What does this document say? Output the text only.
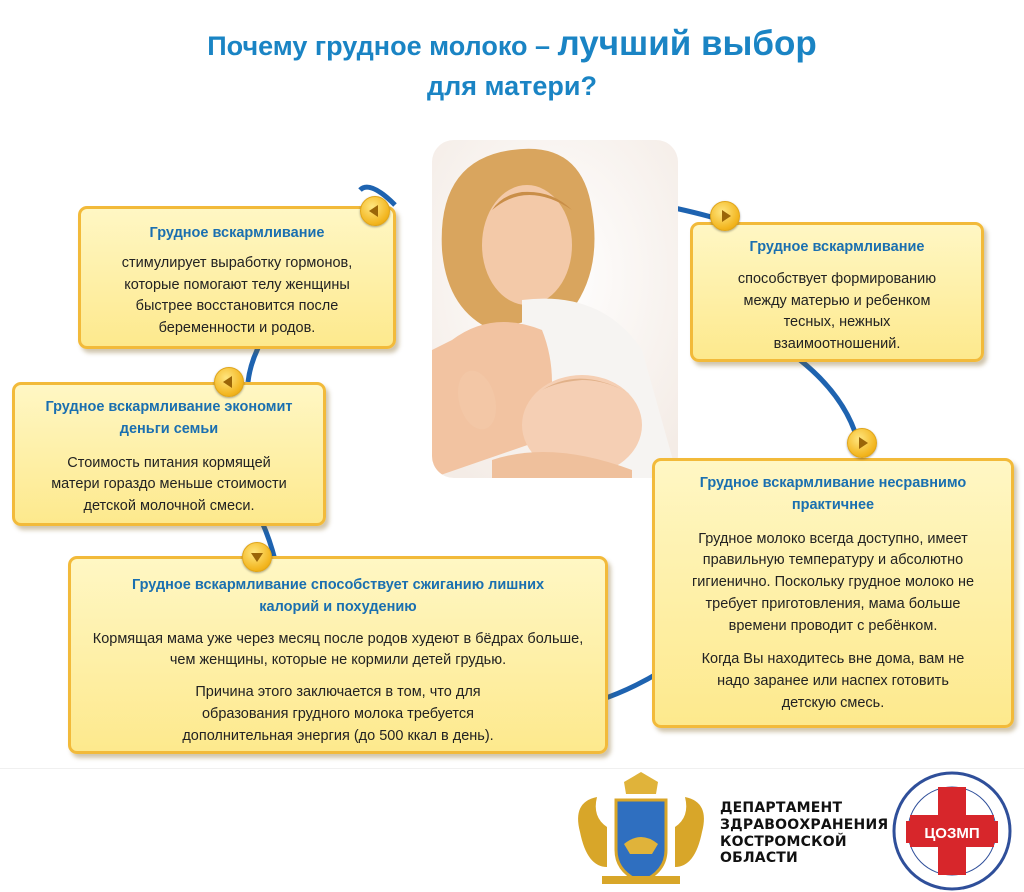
Почему грудное молоко – лучший выбор
для матери?

Грудное вскармливание

стимулирует выработку гормонов, которые помогают телу женщины быстрее восстановится после беременности и родов.

Грудное вскармливание

способствует формированию между матерью и ребенком тесных, нежных взаимоотношений.

Грудное вскармливание экономит деньги семьи

Стоимость питания кормящей матери гораздо меньше стоимости детской молочной смеси.

Грудное вскармливание несравнимо практичнее

Грудное молоко всегда доступно, имеет правильную температуру и абсолютно гигиенично. Поскольку грудное молоко не требует приготовления, мама больше времени проводит с ребёнком.

Когда Вы находитесь вне дома, вам не надо заранее или наспех готовить детскую смесь.

Грудное вскармливание способствует сжиганию лишних калорий и похудению

Кормящая мама уже через месяц после родов худеют в бёдрах больше, чем женщины, которые не кормили детей грудью.

Причина этого заключается в том, что для образования грудного молока требуется дополнительная энергия (до 500 ккал в день).

ДЕПАРТАМЕНТ ЗДРАВООХРАНЕНИЯ КОСТРОМСКОЙ ОБЛАСТИ
ЦОЗМП
